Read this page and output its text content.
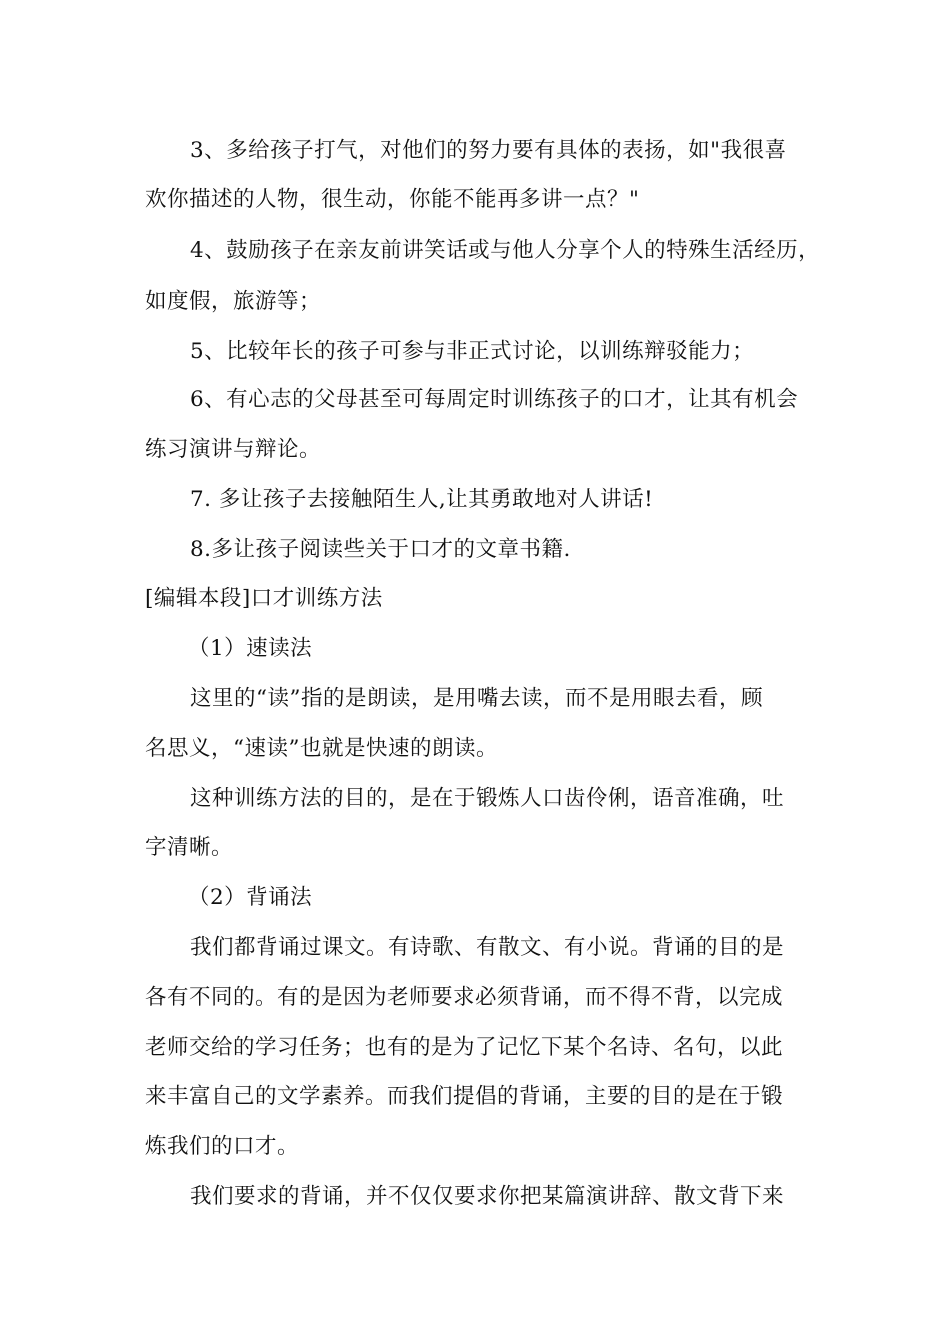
3、多给孩子打气，对他们的努力要有具体的表扬，如"我很喜
欢你描述的人物，很生动，你能不能再多讲一点？"
4、鼓励孩子在亲友前讲笑话或与他人分享个人的特殊生活经历，
如度假，旅游等；
5、比较年长的孩子可参与非正式讨论，以训练辩驳能力；
6、有心志的父母甚至可每周定时训练孩子的口才，让其有机会
练习演讲与辩论。
7. 多让孩子去接触陌生人,让其勇敢地对人讲话!
8.多让孩子阅读些关于口才的文章书籍.
[编辑本段]口才训练方法
（1）速读法
这里的“读”指的是朗读，是用嘴去读，而不是用眼去看，顾
名思义，“速读”也就是快速的朗读。
这种训练方法的目的，是在于锻炼人口齿伶俐，语音准确，吐
字清晰。
（2）背诵法
我们都背诵过课文。有诗歌、有散文、有小说。背诵的目的是
各有不同的。有的是因为老师要求必须背诵，而不得不背，以完成
老师交给的学习任务；也有的是为了记忆下某个名诗、名句，以此
来丰富自己的文学素养。而我们提倡的背诵，主要的目的是在于锻
炼我们的口才。
我们要求的背诵，并不仅仅要求你把某篇演讲辞、散文背下来
